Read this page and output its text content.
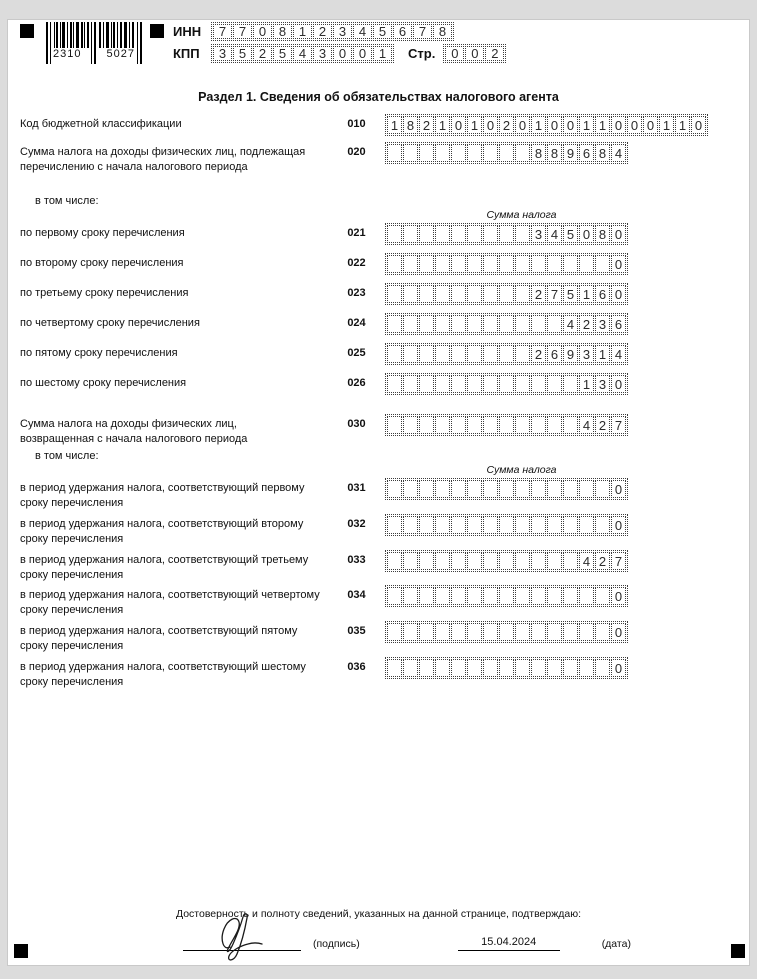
2310 5027
ИНН	7 7 0 8 1 2 3 4 5 6 7 8
КПП	3 5 2 5 4 3 0 0 1	Стр.	0 0 2
Раздел 1. Сведения об обязательствах налогового агента
Код бюджетной классификации	010	1 8 2 1 0 1 0 2 0 1 0 0 1 1 0 0 0 1 1 0
Сумма налога на доходы физических лиц, подлежащая перечислению с начала налогового периода
020	8 8 9 6 8 4
в том числе:
Сумма налога
по первому сроку перечисления	021	3 4 5 0 8 0
по второму сроку перечисления	022	0
по третьему сроку перечисления	023	2 7 5 1 6 0
по четвертому сроку перечисления	024	4 2 3 6
по пятому сроку перечисления	025	2 6 9 3 1 4
по шестому сроку перечисления	026	1 3 0
Сумма налога на доходы физических лиц, возвращенная с начала налогового периода
030	4 2 7
в том числе:
Сумма налога
в период удержания налога, соответствующий первому сроку перечисления
031	0
в период удержания налога, соответствующий второму сроку перечисления
032	0
в период удержания налога, соответствующий третьему сроку перечисления
033	4 2 7
в период удержания налога, соответствующий четвертому сроку перечисления
034	0
в период удержания налога, соответствующий пятому сроку перечисления
035	0
в период удержания налога, соответствующий шестому сроку перечисления
036	0
Достоверность и полноту сведений, указанных на данной странице, подтверждаю:
(подпись)	15.04.2024	(дата)
